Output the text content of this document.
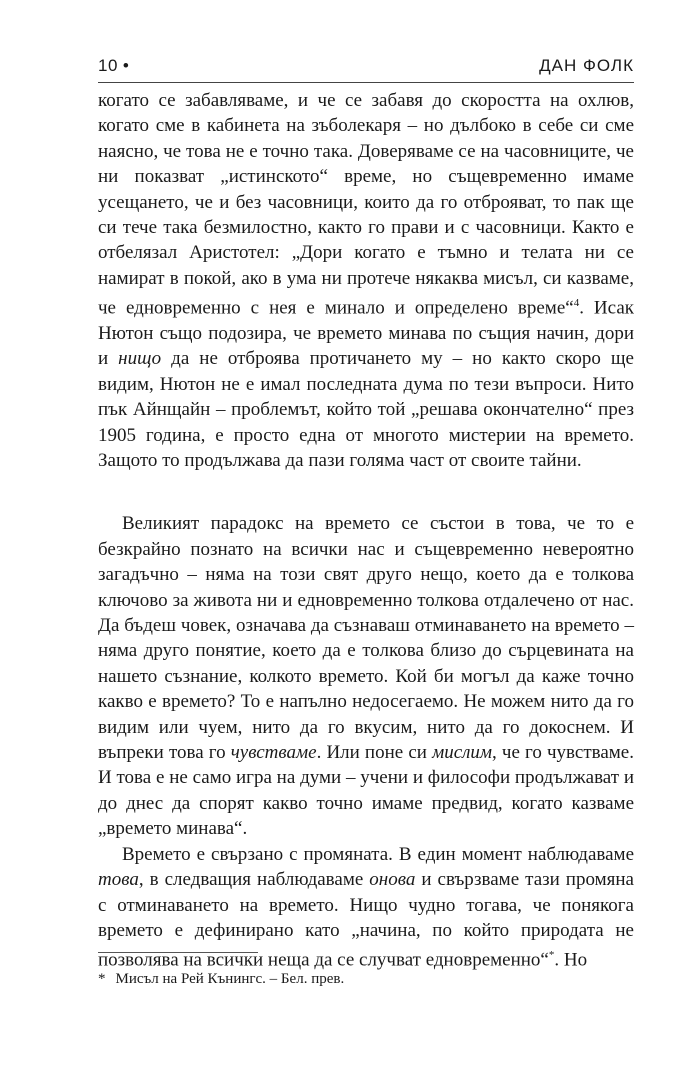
10 •	ДАН ФОЛК

когато се забавляваме, и че се забавя до скоростта на охлюв, когато сме в кабинета на зъболекаря – но дълбоко в себе си сме наясно, че това не е точно така. Доверяваме се на часовниците, че ни показват „истинското“ време, но същевременно имаме усещането, че и без часовници, които да го отброяват, то пак ще си тече така безмилостно, както го прави и с часовници. Както е отбелязал Аристотел: „Дори когато е тъмно и телата ни се намират в покой, ако в ума ни протече някаква мисъл, си казваме, че едновременно с нея е минало и определено време“$^4$. Исак Нютон също подозира, че времето минава по същия начин, дори и нищо да не отброява протичането му – но както скоро ще видим, Нютон не е имал последната дума по тези въпроси. Нито пък Айнщайн – проблемът, който той „решава окончателно“ през 1905 година, е просто една от многото мистерии на времето. Защото то продължава да пази голяма част от своите тайни.

Великият парадокс на времето се състои в това, че то е безкрайно познато на всички нас и същевременно невероятно загадъчно – няма на този свят друго нещо, което да е толкова ключово за живота ни и едновременно толкова отдалечено от нас. Да бъдеш човек, означава да съзнаваш отминаването на времето – няма друго понятие, което да е толкова близо до сърцевината на нашето съзнание, колкото времето. Кой би могъл да каже точно какво е времето? То е напълно недосегаемо. Не можем нито да го видим или чуем, нито да го вкусим, нито да го докоснем. И въпреки това го чувстваме. Или поне си мислим, че го чувстваме. И това е не само игра на думи – учени и философи продължават и до днес да спорят какво точно имаме предвид, когато казваме „времето минава“.

Времето е свързано с промяната. В един момент наблюдаваме това, в следващия наблюдаваме онова и свързваме тази промяна с отминаването на времето. Нищо чудно тогава, че понякога времето е дефинирано като „начина, по който природата не позволява на всички неща да се случват едновременно“*. Но

* Мисъл на Рей Кънингс. – Бел. прев.
